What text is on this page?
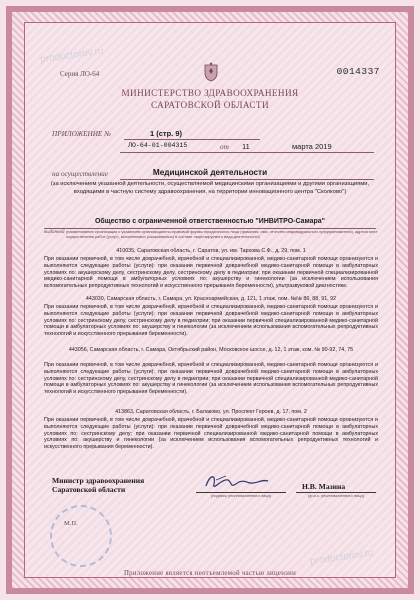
Серия ЛО-64	0014337
МИНИСТЕРСТВО ЗДРАВООХРАНЕНИЯ
САРАТОВСКОЙ ОБЛАСТИ
ПРИЛОЖЕНИЕ №	1 (стр. 9)
ЛО-64-01-004315	от 11	марта 2019
на осуществление	Медицинской деятельности
(за исключением указанной деятельности, осуществляемой медицинскими организациями и другими организациями, входящими в частную систему здравоохранения, на территории инновационного центра "Сколково")
Общество с ограниченной ответственностью "ИНВИТРО-Самара"
выданной (наименование организации с указанием организационно-правовой формы юридического лица (фамилия, имя, отчество индивидуального предпринимателя), адреса мест осуществления работ (услуг), выполняемых (оказываемых) в составе лицензируемого вида деятельности)
410035, Саратовская область, г. Саратов, ул. им. Тархова С.Ф., д. 29, пом. 1
При оказании первичной, в том числе доврачебной, врачебной и специализированной, медико-санитарной помощи организуются и выполняются следующие работы (услуги): при оказании первичной доврачебной медико-санитарной помощи в амбулаторных условиях по: акушерскому делу, сестринскому делу, сестринскому делу в педиатрии; при оказании первичной специализированной медико-санитарной помощи в амбулаторных условиях по: акушерству и гинекологии (за исключением использования вспомогательных репродуктивных технологий и искусственного прерывания беременности), ультразвуковой диагностике.
443030, Самарская область, г. Самара, ул. Красноармейская, д. 121, 1 этаж, пом. №№ 86, 88, 91, 92
При оказании первичной, в том числе доврачебной, врачебной и специализированной, медико-санитарной помощи организуются и выполняются следующие работы (услуги): при оказании первичной доврачебной медико-санитарной помощи в амбулаторных условиях по: сестринскому делу, сестринскому делу в педиатрии; при оказании первичной специализированной медико-санитарной помощи в амбулаторных условиях по: акушерству и гинекологии (за исключением использования вспомогательных репродуктивных технологий и искусственного прерывания беременности).
443056, Самарская область, г. Самара, Октябрьский район, Московское шоссе, д. 12, 1 этаж, ком. № 90-92, 74, 75
При оказании первичной, в том числе доврачебной, врачебной и специализированной, медико-санитарной помощи организуются и выполняются следующие работы (услуги): при оказании первичной доврачебной медико-санитарной помощи в амбулаторных условиях по: сестринскому делу, сестринскому делу в педиатрии; при оказании первичной специализированной медико-санитарной помощи в амбулаторных условиях по: акушерству и гинекологии (за исключением использования вспомогательных репродуктивных технологий и искусственного прерывания беременности).
413863, Саратовская область, г. Балаково, ул. Проспект Героев, д. 17, пом. 2
При оказании первичной, в том числе доврачебной, врачебной и специализированной, медико-санитарной помощи организуются и выполняются следующие работы (услуги): при оказании первичной доврачебной медико-санитарной помощи в амбулаторных условиях по: сестринскому делу; при оказании первичной специализированной медико-санитарной помощи в амбулаторных условиях по: акушерству и гинекологии (за исключением использования вспомогательных репродуктивных технологий и искусственного прерывания беременности).
Министр здравоохранения
Саратовской области
(подпись уполномоченного лица)
Н.В. Мазина
(ф.и.о. уполномоченного лица)
М.П.
Приложение является неотъемлемой частью лицензии
prodoctorov.ru
prodoctorov.ru
